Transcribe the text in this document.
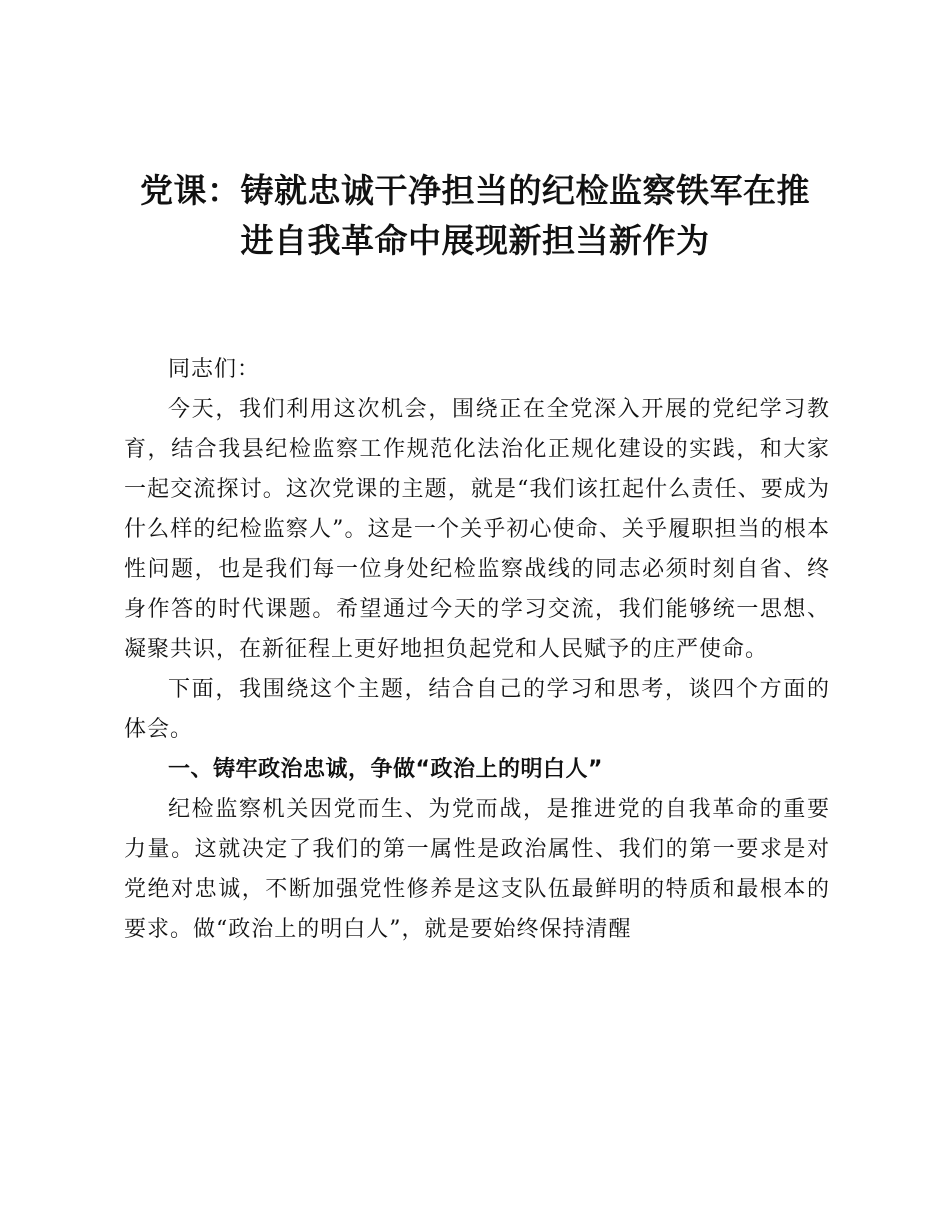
党课：铸就忠诚干净担当的纪检监察铁军在推
进自我革命中展现新担当新作为

同志们：

今天，我们利用这次机会，围绕正在全党深入开展的党纪学习教育，结合我县纪检监察工作规范化法治化正规化建设的实践，和大家一起交流探讨。这次党课的主题，就是“我们该扛起什么责任、要成为什么样的纪检监察人”。这是一个关乎初心使命、关乎履职担当的根本性问题，也是我们每一位身处纪检监察战线的同志必须时刻自省、终身作答的时代课题。希望通过今天的学习交流，我们能够统一思想、凝聚共识，在新征程上更好地担负起党和人民赋予的庄严使命。

下面，我围绕这个主题，结合自己的学习和思考，谈四个方面的体会。

一、铸牢政治忠诚，争做“政治上的明白人”

纪检监察机关因党而生、为党而战，是推进党的自我革命的重要力量。这就决定了我们的第一属性是政治属性、我们的第一要求是对党绝对忠诚，不断加强党性修养是这支队伍最鲜明的特质和最根本的要求。做“政治上的明白人”，就是要始终保持清醒
